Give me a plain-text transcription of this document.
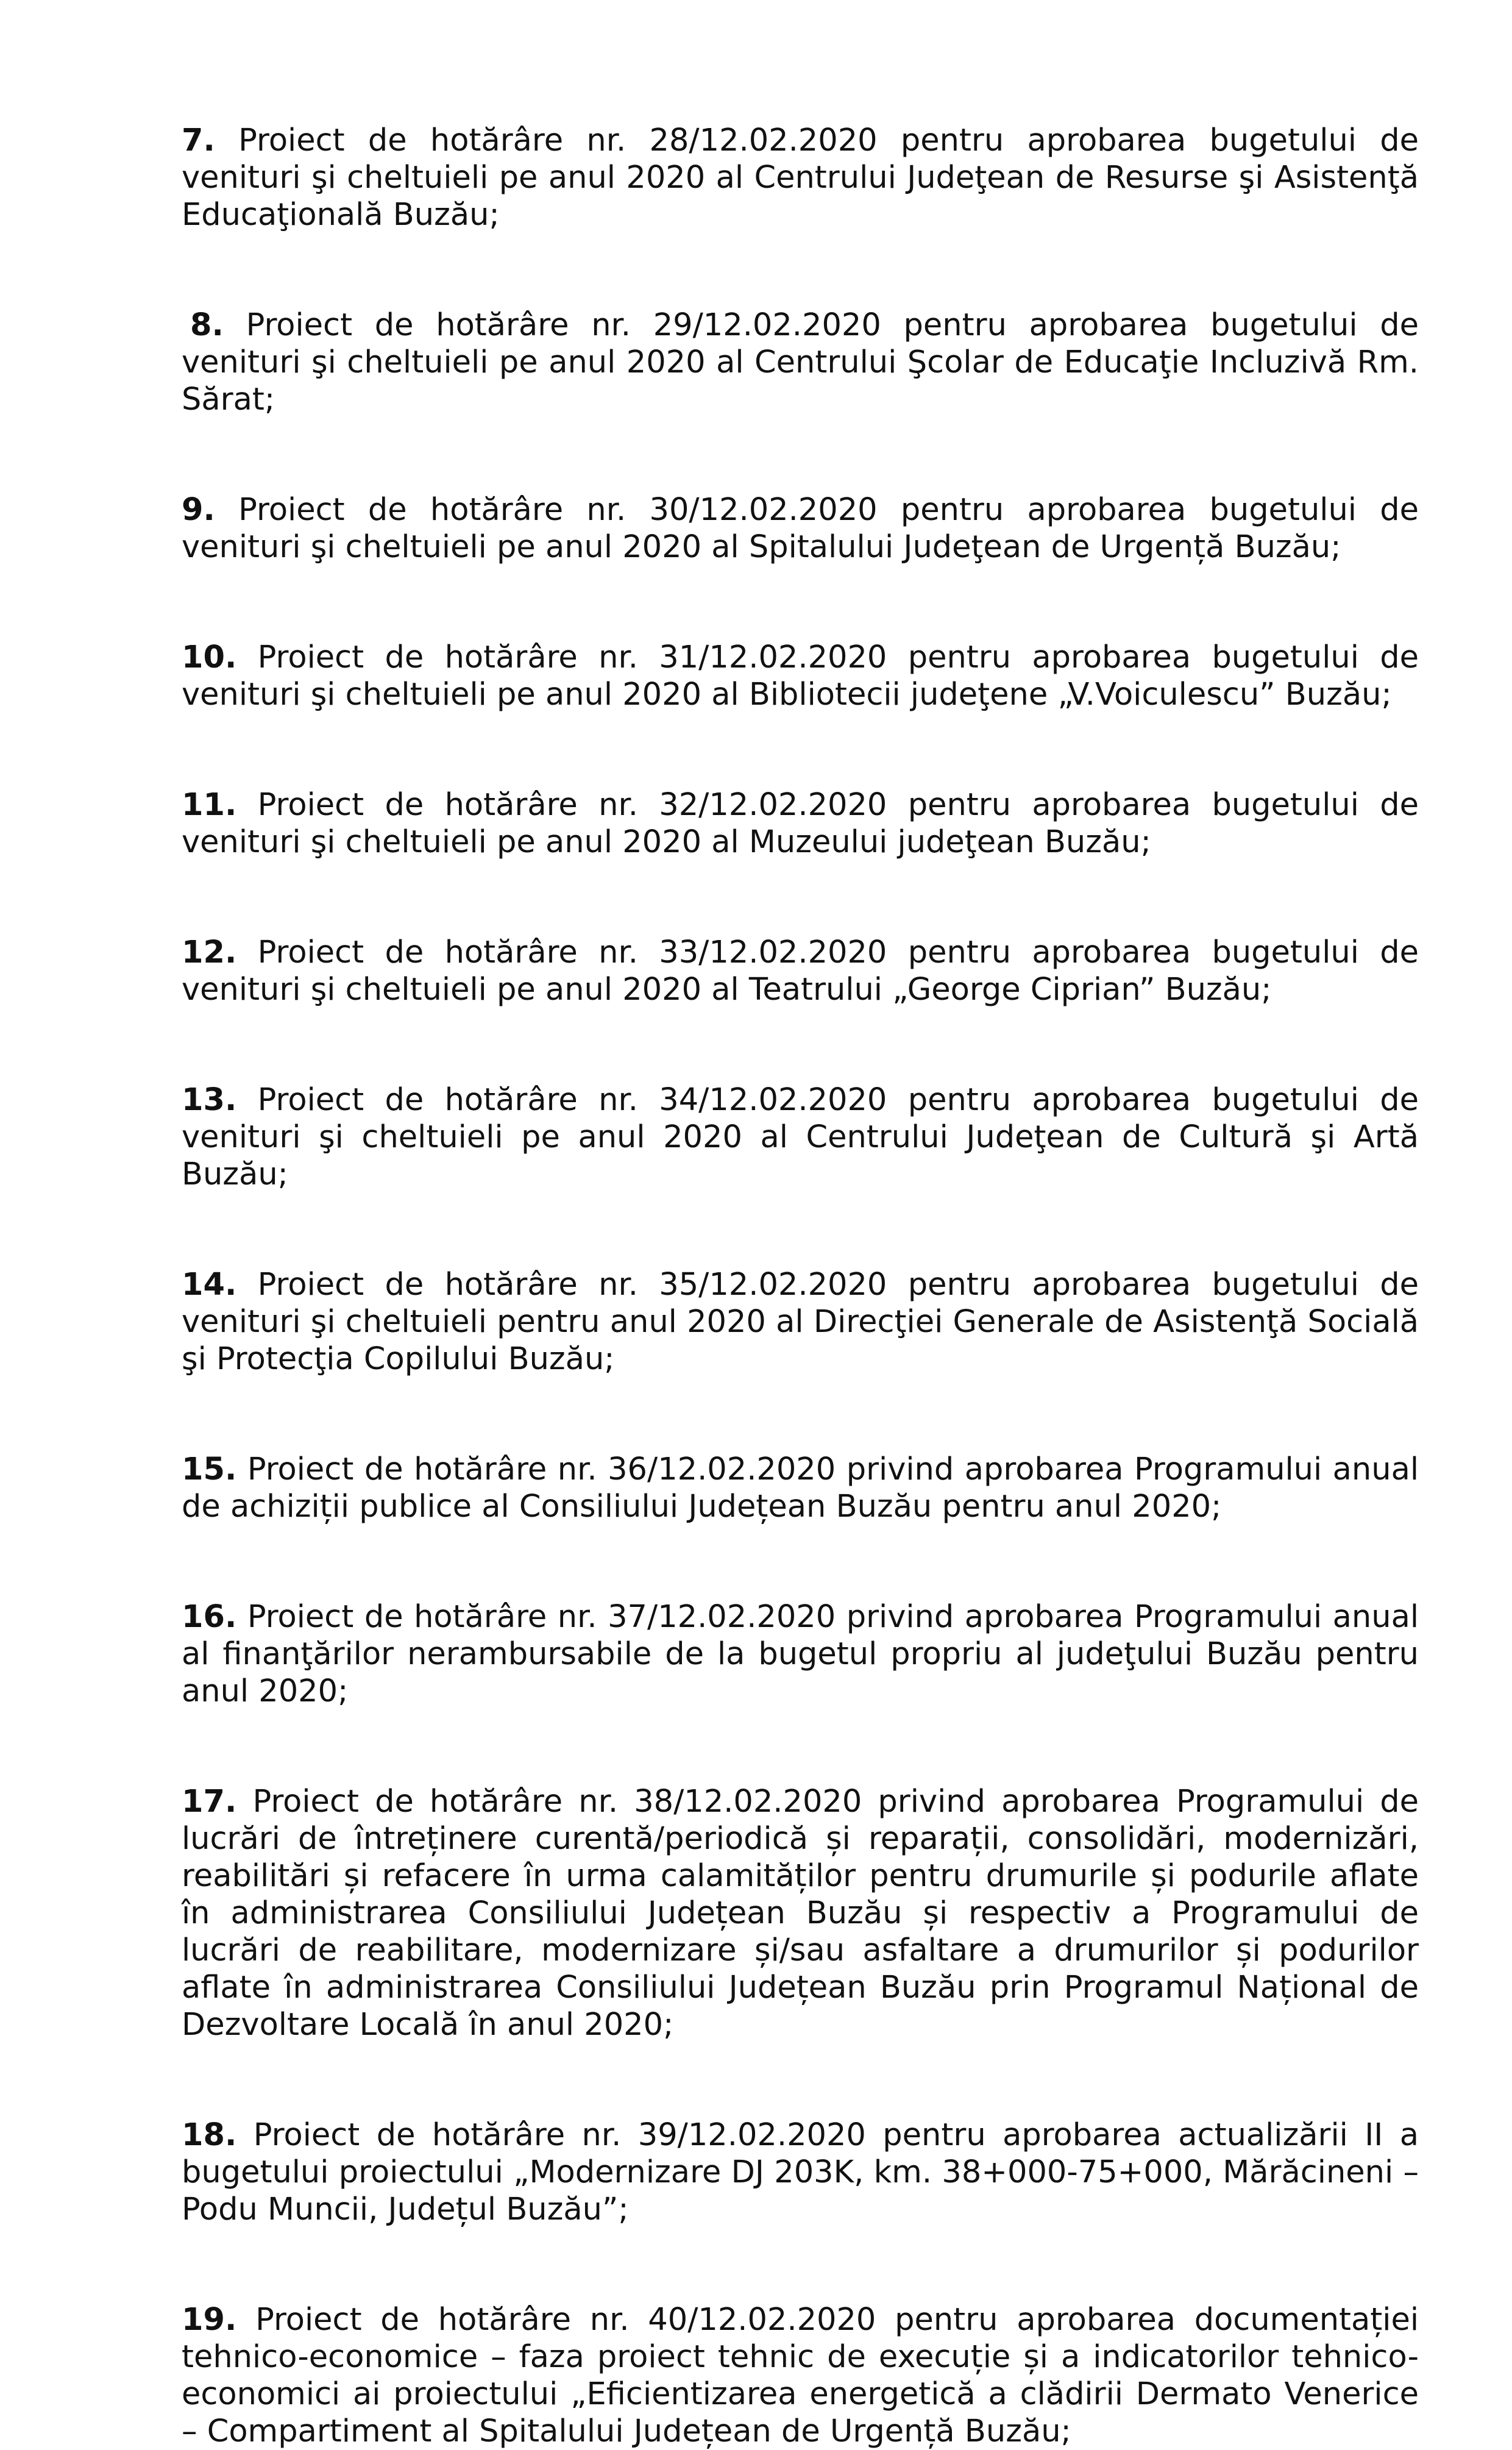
7. Proiect de hotărâre nr. 28/12.02.2020 pentru aprobarea bugetului de venituri şi cheltuieli pe anul 2020 al Centrului Judeţean de Resurse şi Asistenţă Educaţională Buzău;

8. Proiect de hotărâre nr. 29/12.02.2020 pentru aprobarea bugetului de venituri şi cheltuieli pe anul 2020 al Centrului Şcolar de Educaţie Incluzivă Rm. Sărat;

9. Proiect de hotărâre nr. 30/12.02.2020 pentru aprobarea bugetului de venituri şi cheltuieli pe anul 2020 al Spitalului Judeţean de Urgență Buzău;

10. Proiect de hotărâre nr. 31/12.02.2020 pentru aprobarea bugetului de venituri şi cheltuieli pe anul 2020 al Bibliotecii judeţene „V.Voiculescu” Buzău;

11. Proiect de hotărâre nr. 32/12.02.2020 pentru aprobarea bugetului de venituri şi cheltuieli pe anul 2020 al Muzeului judeţean Buzău;

12. Proiect de hotărâre nr. 33/12.02.2020 pentru aprobarea bugetului de venituri şi cheltuieli pe anul 2020 al Teatrului „George Ciprian” Buzău;

13. Proiect de hotărâre nr. 34/12.02.2020 pentru aprobarea bugetului de venituri şi cheltuieli pe anul 2020 al Centrului Judeţean de Cultură şi Artă Buzău;

14. Proiect de hotărâre nr. 35/12.02.2020 pentru aprobarea bugetului de venituri şi cheltuieli pentru anul 2020 al Direcţiei Generale de Asistenţă Socială şi Protecţia Copilului Buzău;

15. Proiect de hotărâre nr. 36/12.02.2020 privind aprobarea Programului anual de achiziții publice al Consiliului Județean Buzău pentru anul 2020;

16. Proiect de hotărâre nr. 37/12.02.2020 privind aprobarea Programului anual al finanţărilor nerambursabile de la bugetul propriu al judeţului Buzău pentru anul 2020;

17. Proiect de hotărâre nr. 38/12.02.2020 privind aprobarea Programului de lucrări de întreținere curentă/periodică și reparații, consolidări, modernizări, reabilitări și refacere în urma calamităților pentru drumurile și podurile aflate în administrarea Consiliului Județean Buzău și respectiv a Programului de lucrări de reabilitare, modernizare și/sau asfaltare a drumurilor și podurilor aflate în administrarea Consiliului Județean Buzău prin Programul Național de Dezvoltare Locală în anul 2020;

18. Proiect de hotărâre nr. 39/12.02.2020 pentru aprobarea actualizării II a bugetului proiectului „Modernizare DJ 203K, km. 38+000-75+000, Mărăcineni – Podu Muncii, Județul Buzău”;

19. Proiect de hotărâre nr. 40/12.02.2020 pentru aprobarea documentației tehnico-economice – faza proiect tehnic de execuție și a indicatorilor tehnico-economici ai proiectului „Eficientizarea energetică a clădirii Dermato Venerice – Compartiment al Spitalului Județean de Urgență Buzău;
